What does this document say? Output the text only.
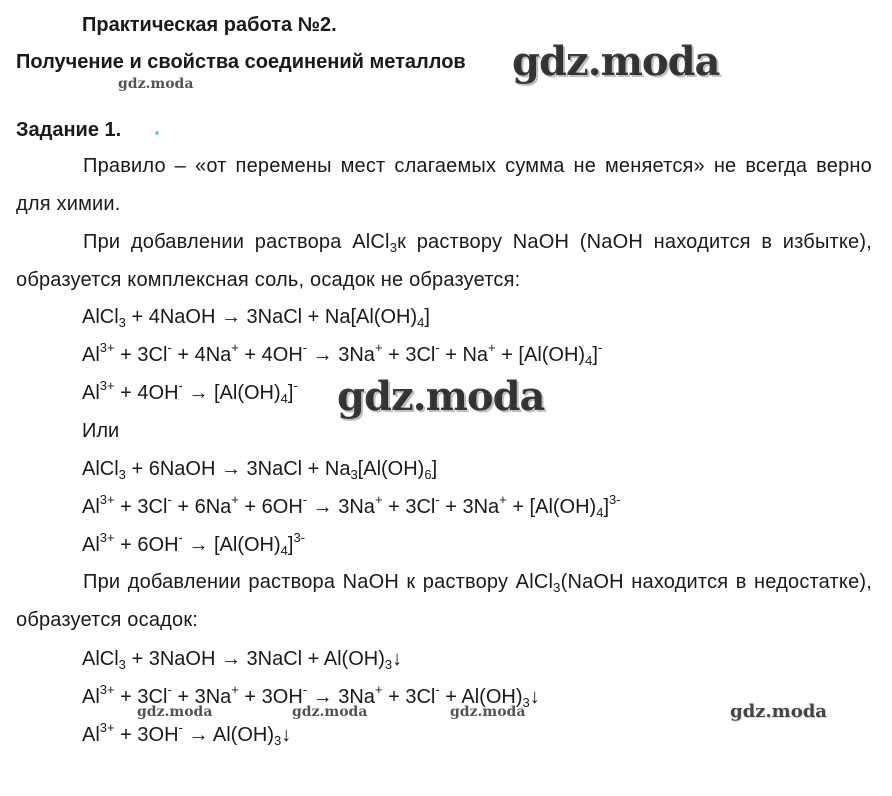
Практическая работа №2.
Получение и свойства соединений металлов gdz.moda
gdz.moda
Задание 1.
Правило – «от перемены мест слагаемых сумма не меняется» не всегда верно для химии.
При добавлении раствора AlCl$_3$к раствору NaOH (NaOH находится в избытке), образуется комплексная соль, осадок не образуется:
AlCl$_3$ + 4NaOH → 3NaCl + $Na[Al(OH)_4]$
$Al^{3+} + 3Cl^- + 4Na^+ + 4OH^- \to 3Na^+ + 3Cl^- + Na^+ + [Al(OH)_4]^-$
$Al^{3+} + 4OH^- \to [Al(OH)_4]^-$ gdz.moda
Или
AlCl$_3$ + 6NaOH → 3NaCl + $Na_3[Al(OH)_6]$
$Al^{3+} + 3Cl^- + 6Na^+ + 6OH^- \to 3Na^+ + 3Cl^- + 3Na^+ + [Al(OH)_4]^{3-}$
$Al^{3+} + 6OH^- \to [Al(OH)_4]^{3-}$
При добавлении раствора NaOH к раствору AlCl$_3$(NaOH находится в недостатке), образуется осадок:
AlCl$_3$ + 3NaOH → 3NaCl + $Al(OH)_3↓$
$Al^{3+} + 3Cl^- + 3Na^+ + 3OH^- \to 3Na^+ + 3Cl^-$ + $Al(OH)_3↓$
$Al^{3+} + 3OH^-$ → $Al(OH)_3↓$
gdz.moda	gdz.moda	gdz.moda	gdz.moda
